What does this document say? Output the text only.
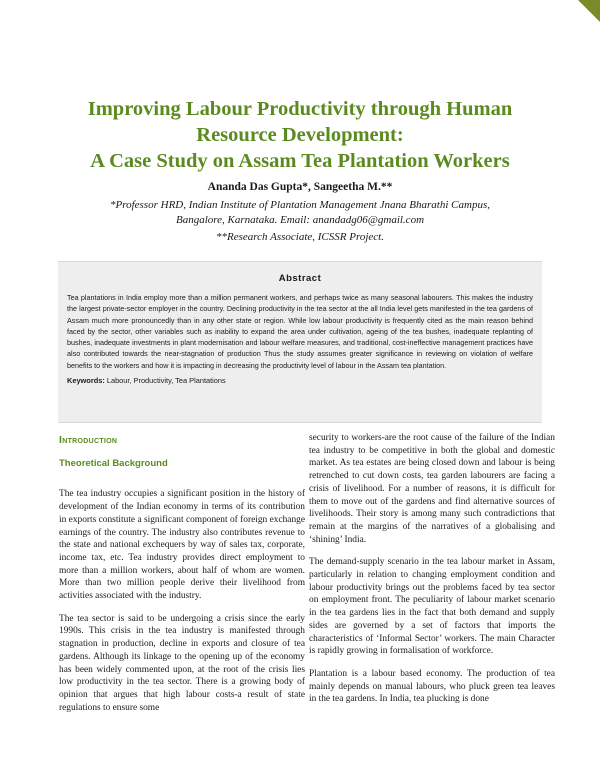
Improving Labour Productivity through Human
Resource Development:
A Case Study on Assam Tea Plantation Workers
Ananda Das Gupta*, Sangeetha M.**
*Professor HRD, Indian Institute of Plantation Management Jnana Bharathi Campus,
Bangalore, Karnataka. Email: anandadg06@gmail.com
**Research Associate, ICSSR Project.
Abstract
Tea plantations in India employ more than a million permanent workers, and perhaps twice as many seasonal labourers. This makes the industry the largest private-sector employer in the country. Declining productivity in the tea sector at the all India level gets manifested in the tea gardens of Assam much more pronouncedly than in any other state or region. While low labour productivity is frequently cited as the main reason behind faced by the sector, other variables such as inability to expand the area under cultivation, ageing of the tea bushes, inadequate replanting of bushes, inadequate investments in plant modernisation and labour welfare measures, and traditional, cost-ineffective management practices have also contributed towards the near-stagnation of production Thus the study assumes greater significance in reviewing on violation of welfare benefits to the workers and how it is impacting in decreasing the productivity level of labour in the Assam tea plantation.
Keywords: Labour, Productivity, Tea Plantations
Introduction
Theoretical Background

The tea industry occupies a significant position in the history of development of the Indian economy in terms of its contribution in exports constitute a significant component of foreign exchange earnings of the country. The industry also contributes revenue to the state and national exchequers by way of sales tax, corporate, income tax, etc. Tea industry provides direct employment to more than a million workers, about half of whom are women. More than two million people derive their livelihood from activities associated with the industry.

The tea sector is said to be undergoing a crisis since the early 1990s. This crisis in the tea industry is manifested through stagnation in production, decline in exports and closure of tea gardens. Although its linkage to the opening up of the economy has been widely commented upon, at the root of the crisis lies low productivity in the tea sector. There is a growing body of opinion that argues that high labour costs-a result of state regulations to ensure some

security to workers-are the root cause of the failure of the Indian tea industry to be competitive in both the global and domestic market. As tea estates are being closed down and labour is being retrenched to cut down costs, tea garden labourers are facing a crisis of livelihood. For a number of reasons, it is difficult for them to move out of the gardens and find alternative sources of livelihoods. Their story is among many such contradictions that remain at the margins of the narratives of a globalising and ‘shining’ India.

The demand-supply scenario in the tea labour market in Assam, particularly in relation to changing employment condition and labour productivity brings out the problems faced by tea sector on employment front. The peculiarity of labour market scenario in the tea gardens lies in the fact that both demand and supply sides are governed by a set of factors that imports the characteristics of ‘Informal Sector’ workers. The main Character is rapidly growing in formalisation of workforce.

Plantation is a labour based economy. The production of tea mainly depends on manual labours, who pluck green tea leaves in the tea gardens. In India, tea plucking is done
